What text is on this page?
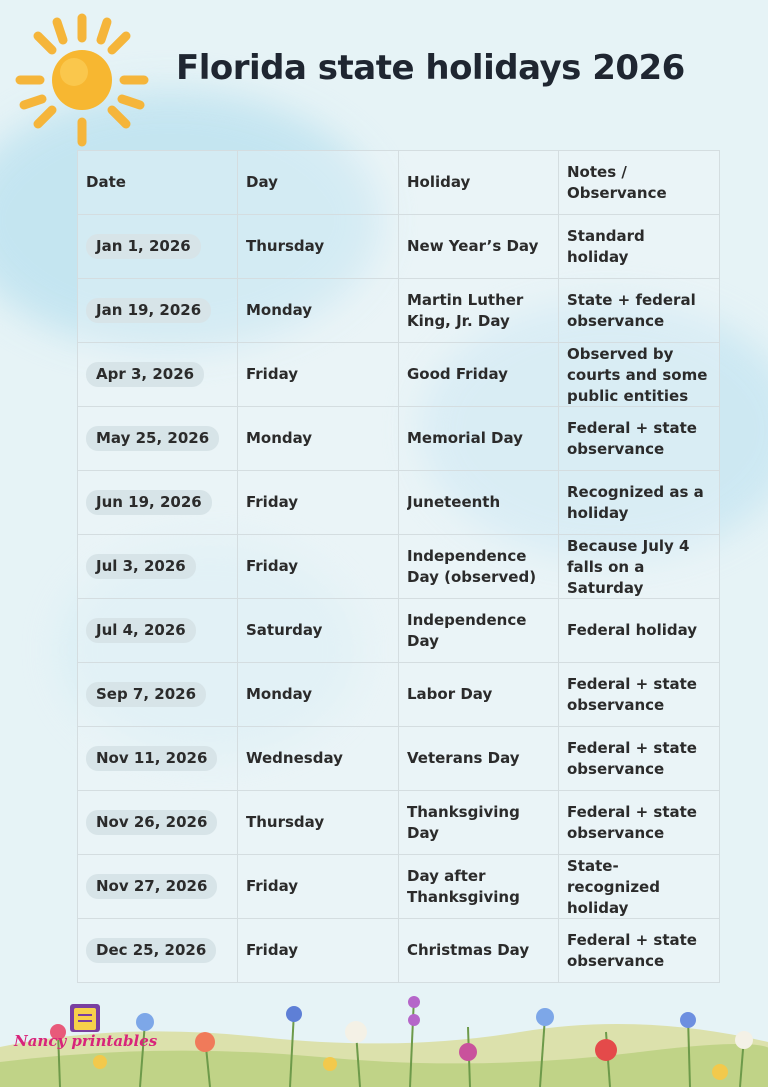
Florida state holidays 2026
Date	Day	Holiday	Notes / Observance
Jan 1, 2026	Thursday	New Year’s Day	Standard holiday

Jan 19, 2026	Monday	Martin Luther King, Jr. Day	State + federal observance

Apr 3, 2026	Friday	Good Friday	Observed by courts and some public entities

May 25, 2026	Monday	Memorial Day	Federal + state observance

Jun 19, 2026	Friday	Juneteenth	Recognized as a holiday

Jul 3, 2026	Friday	Independence Day (observed)	Because July 4 falls on a Saturday

Jul 4, 2026	Saturday	Independence Day	Federal holiday

Sep 7, 2026	Monday	Labor Day	Federal + state observance

Nov 11, 2026	Wednesday	Veterans Day	Federal + state observance

Nov 26, 2026	Thursday	Thanksgiving Day	Federal + state observance

Nov 27, 2026	Friday	Day after Thanksgiving	State-recognized holiday

Dec 25, 2026	Friday	Christmas Day	Federal + state observance
Nancy printables
